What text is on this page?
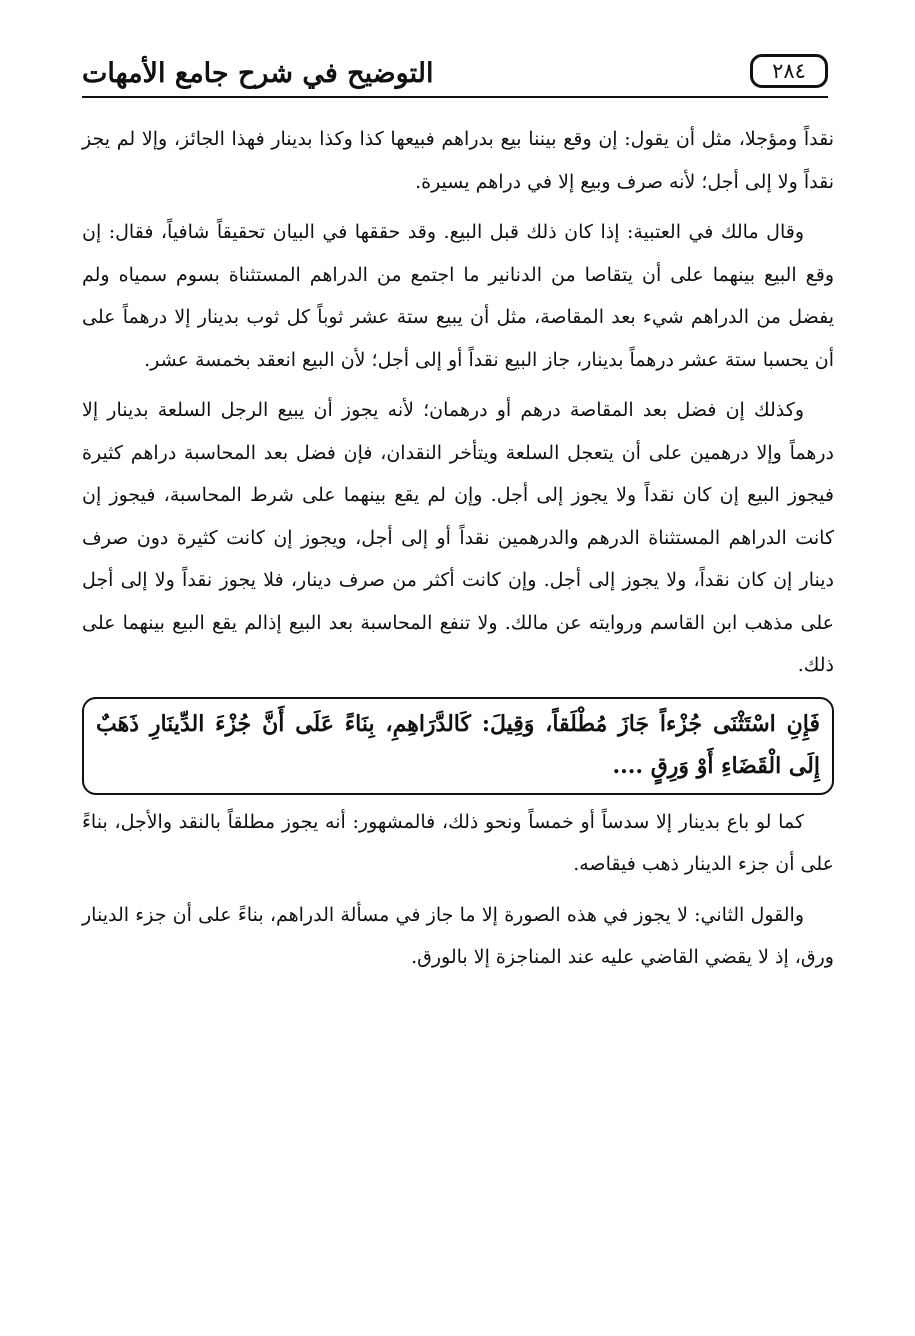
التوضيح في شرح جامع الأمهات	٢٨٤

نقداً ومؤجلا، مثل أن يقول: إن وقع بيننا بيع بدراهم فبيعها كذا وكذا بدينار فهذا الجائز، وإلا لم يجز نقداً ولا إلى أجل؛ لأنه صرف وبيع إلا في دراهم يسيرة.

وقال مالك في العتبية: إذا كان ذلك قبل البيع. وقد حققها في البيان تحقيقاً شافياً، فقال: إن وقع البيع بينهما على أن يتقاصا من الدنانير ما اجتمع من الدراهم المستثناة بسوم سمياه ولم يفضل من الدراهم شيء بعد المقاصة، مثل أن يبيع ستة عشر ثوباً كل ثوب بدينار إلا درهماً على أن يحسبا ستة عشر درهماً بدينار، جاز البيع نقداً أو إلى أجل؛ لأن البيع انعقد بخمسة عشر.

وكذلك إن فضل بعد المقاصة درهم أو درهمان؛ لأنه يجوز أن يبيع الرجل السلعة بدينار إلا درهماً وإلا درهمين على أن يتعجل السلعة ويتأخر النقدان، فإن فضل بعد المحاسبة دراهم كثيرة فيجوز البيع إن كان نقداً ولا يجوز إلى أجل. وإن لم يقع بينهما على شرط المحاسبة، فيجوز إن كانت الدراهم المستثناة الدرهم والدرهمين نقداً أو إلى أجل، ويجوز إن كانت كثيرة دون صرف دينار إن كان نقداً، ولا يجوز إلى أجل. وإن كانت أكثر من صرف دينار، فلا يجوز نقداً ولا إلى أجل على مذهب ابن القاسم وروايته عن مالك. ولا تنفع المحاسبة بعد البيع إذالم يقع البيع بينهما على ذلك.

فَإِنِ اسْتَثْنَى جُزْءاً جَازَ مُطْلَقاً، وَقِيلَ: كَالدَّرَاهِمِ، بِنَاءً عَلَى أَنَّ جُزْءَ الدِّينَارِ ذَهَبٌ إِلَى الْقَضَاءِ أَوْ وَرِقٍ ....

كما لو باع بدينار إلا سدساً أو خمساً ونحو ذلك، فالمشهور: أنه يجوز مطلقاً بالنقد والأجل، بناءً على أن جزء الدينار ذهب فيقاصه.

والقول الثاني: لا يجوز في هذه الصورة إلا ما جاز في مسألة الدراهم، بناءً على أن جزء الدينار ورق، إذ لا يقضي القاضي عليه عند المناجزة إلا بالورق.
